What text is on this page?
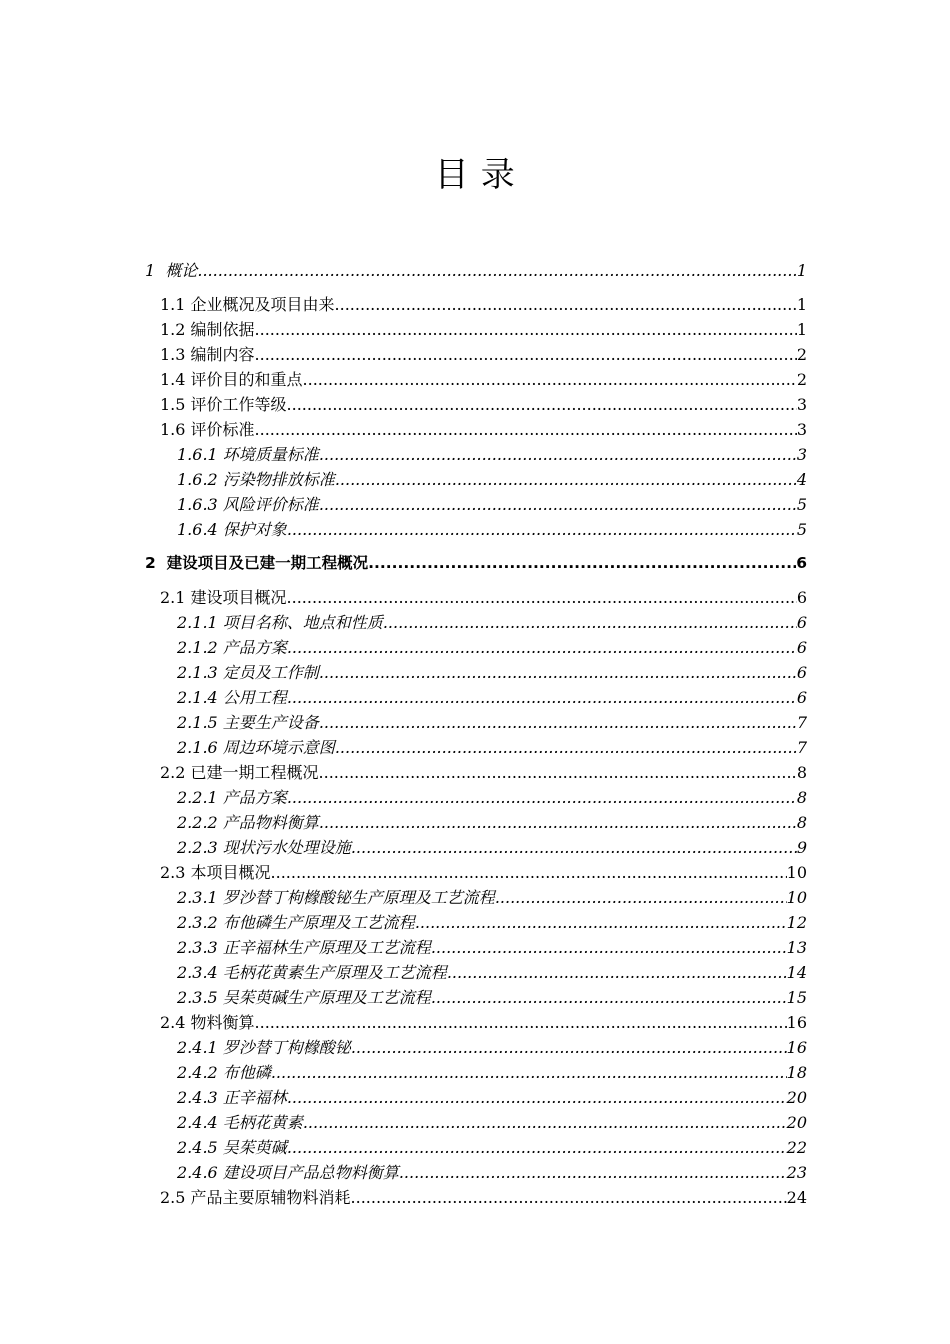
目 录
1  概论 .....	1
1.1 企业概况及项目由来 .....	1
1.2 编制依据 .....	1
1.3 编制内容 .....	2
1.4 评价目的和重点 .....	2
1.5 评价工作等级 .....	3
1.6 评价标准 .....	3
1.6.1 环境质量标准 .....	3
1.6.2 污染物排放标准 .....	4
1.6.3 风险评价标准 .....	5
1.6.4 保护对象 .....	5
2  建设项目及已建一期工程概况 .....	6
2.1 建设项目概况 .....	6
2.1.1 项目名称、地点和性质 .....	6
2.1.2 产品方案 .....	6
2.1.3 定员及工作制 .....	6
2.1.4 公用工程 .....	6
2.1.5 主要生产设备 .....	7
2.1.6 周边环境示意图 .....	7
2.2 已建一期工程概况 .....	8
2.2.1 产品方案 .....	8
2.2.2 产品物料衡算 .....	8
2.2.3 现状污水处理设施 .....	9
2.3 本项目概况 .....	10
2.3.1 罗沙替丁枸橼酸铋生产原理及工艺流程 .....	10
2.3.2 布他磷生产原理及工艺流程 .....	12
2.3.3 正辛福林生产原理及工艺流程 .....	13
2.3.4 毛柄花黄素生产原理及工艺流程 .....	14
2.3.5 吴茱萸碱生产原理及工艺流程 .....	15
2.4 物料衡算 .....	16
2.4.1 罗沙替丁枸橼酸铋 .....	16
2.4.2 布他磷 .....	18
2.4.3 正辛福林 .....	20
2.4.4 毛柄花黄素 .....	20
2.4.5 吴茱萸碱 .....	22
2.4.6 建设项目产品总物料衡算 .....	23
2.5 产品主要原辅物料消耗 .....	24
